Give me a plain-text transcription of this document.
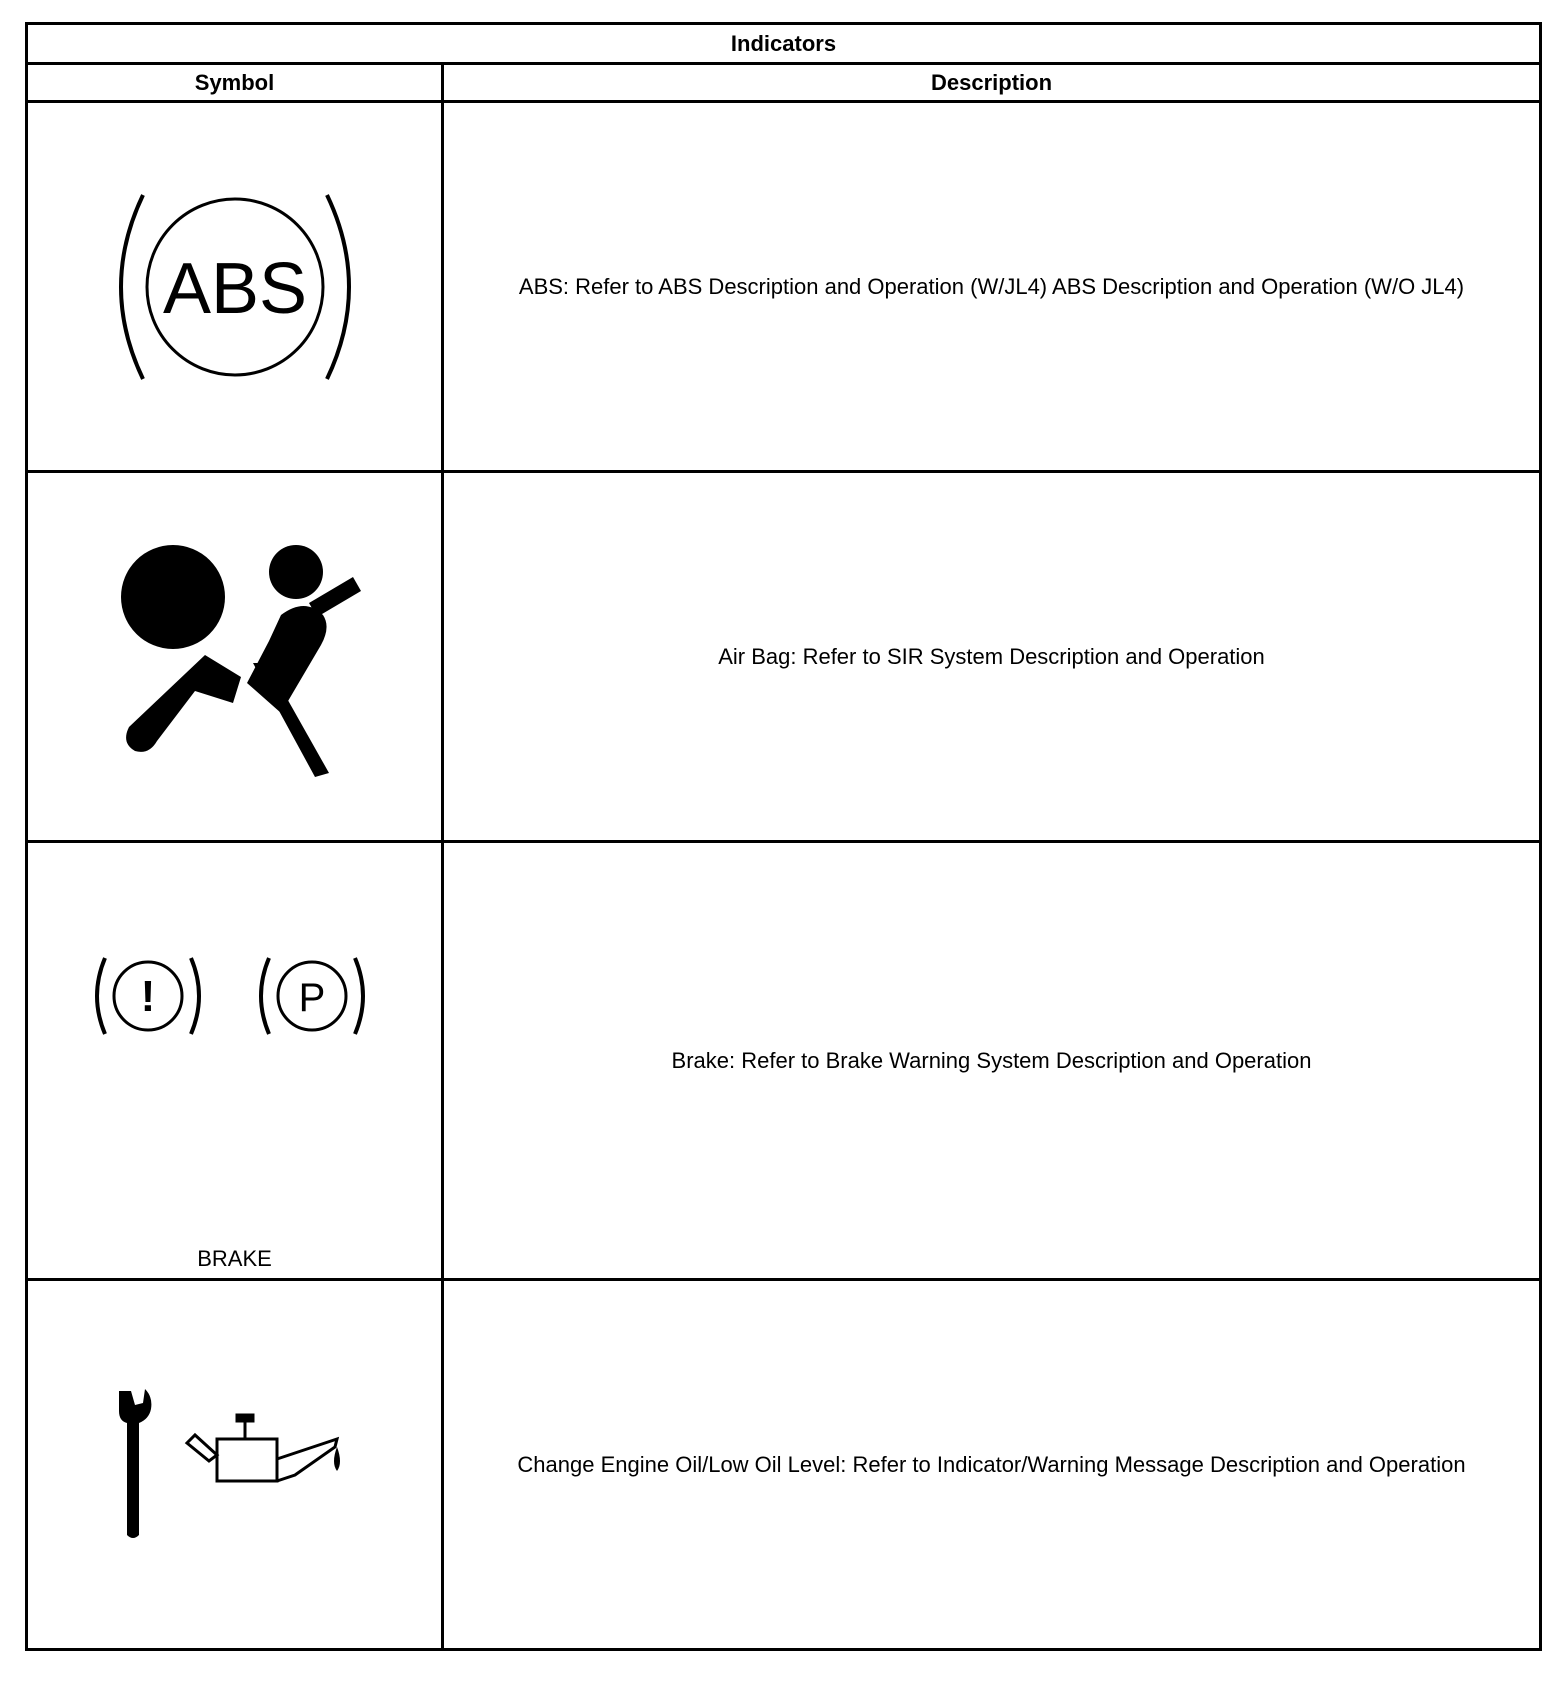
Indicators	
Symbol	Description

ABS	ABS: Refer to ABS Description and Operation (W/JL4) ABS Description and Operation (W/O JL4)

	Air Bag: Refer to SIR System Description and Operation

! P
BRAKE	Brake: Refer to Brake Warning System Description and Operation

	Change Engine Oil/Low Oil Level: Refer to Indicator/Warning Message Description and Operation
